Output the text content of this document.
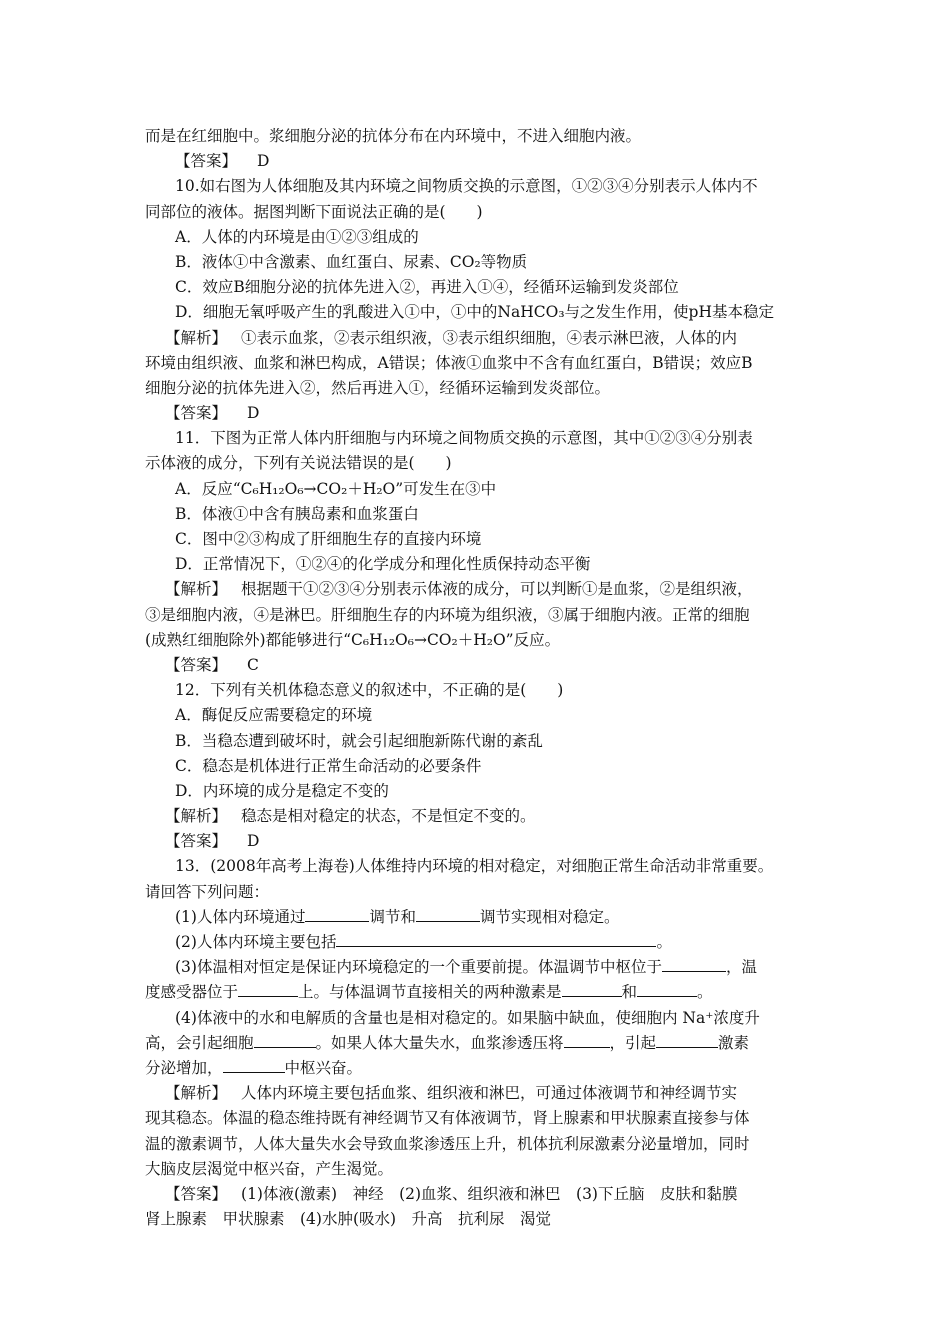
而是在红细胞中。浆细胞分泌的抗体分布在内环境中，不进入细胞内液。
【答案】 D
10.如右图为人体细胞及其内环境之间物质交换的示意图，①②③④分别表示人体内不
同部位的液体。据图判断下面说法正确的是(　　)
A．人体的内环境是由①②③组成的
B．液体①中含激素、血红蛋白、尿素、CO₂等物质
C．效应B细胞分泌的抗体先进入②，再进入①④，经循环运输到发炎部位
D．细胞无氧呼吸产生的乳酸进入①中，①中的NaHCO₃与之发生作用，使pH基本稳定
【解析】 ①表示血浆，②表示组织液，③表示组织细胞，④表示淋巴液，人体的内
环境由组织液、血浆和淋巴构成，A错误；体液①血浆中不含有血红蛋白，B错误；效应B
细胞分泌的抗体先进入②，然后再进入①，经循环运输到发炎部位。
【答案】 D
11．下图为正常人体内肝细胞与内环境之间物质交换的示意图，其中①②③④分别表
示体液的成分，下列有关说法错误的是(　　)
A．反应“C₆H₁₂O₆→CO₂＋H₂O”可发生在③中
B．体液①中含有胰岛素和血浆蛋白
C．图中②③构成了肝细胞生存的直接内环境
D．正常情况下，①②④的化学成分和理化性质保持动态平衡
【解析】 根据题干①②③④分别表示体液的成分，可以判断①是血浆，②是组织液，
③是细胞内液，④是淋巴。肝细胞生存的内环境为组织液，③属于细胞内液。正常的细胞
(成熟红细胞除外)都能够进行“C₆H₁₂O₆→CO₂＋H₂O”反应。
【答案】 C
12．下列有关机体稳态意义的叙述中，不正确的是(　　)
A．酶促反应需要稳定的环境
B．当稳态遭到破坏时，就会引起细胞新陈代谢的紊乱
C．稳态是机体进行正常生命活动的必要条件
D．内环境的成分是稳定不变的
【解析】 稳态是相对稳定的状态，不是恒定不变的。
【答案】 D
13．(2008年高考上海卷)人体维持内环境的相对稳定，对细胞正常生命活动非常重要。
请回答下列问题：
(1)人体内环境通过	调节和	调节实现相对稳定。
(2)人体内环境主要包括	。
(3)体温相对恒定是保证内环境稳定的一个重要前提。体温调节中枢位于	，温
度感受器位于	上。与体温调节直接相关的两种激素是	和	。
(4)体液中的水和电解质的含量也是相对稳定的。如果脑中缺血，使细胞内 Na⁺浓度升
高，会引起细胞	。如果人体大量失水，血浆渗透压将	，引起	激素
分泌增加，	中枢兴奋。
【解析】 人体内环境主要包括血浆、组织液和淋巴，可通过体液调节和神经调节实
现其稳态。体温的稳态维持既有神经调节又有体液调节，肾上腺素和甲状腺素直接参与体
温的激素调节，人体大量失水会导致血浆渗透压上升，机体抗利尿激素分泌量增加，同时
大脑皮层渴觉中枢兴奋，产生渴觉。
【答案】 (1)体液(激素)　神经　(2)血浆、组织液和淋巴　(3)下丘脑　皮肤和黏膜
肾上腺素　甲状腺素　(4)水肿(吸水)　升高　抗利尿　渴觉
